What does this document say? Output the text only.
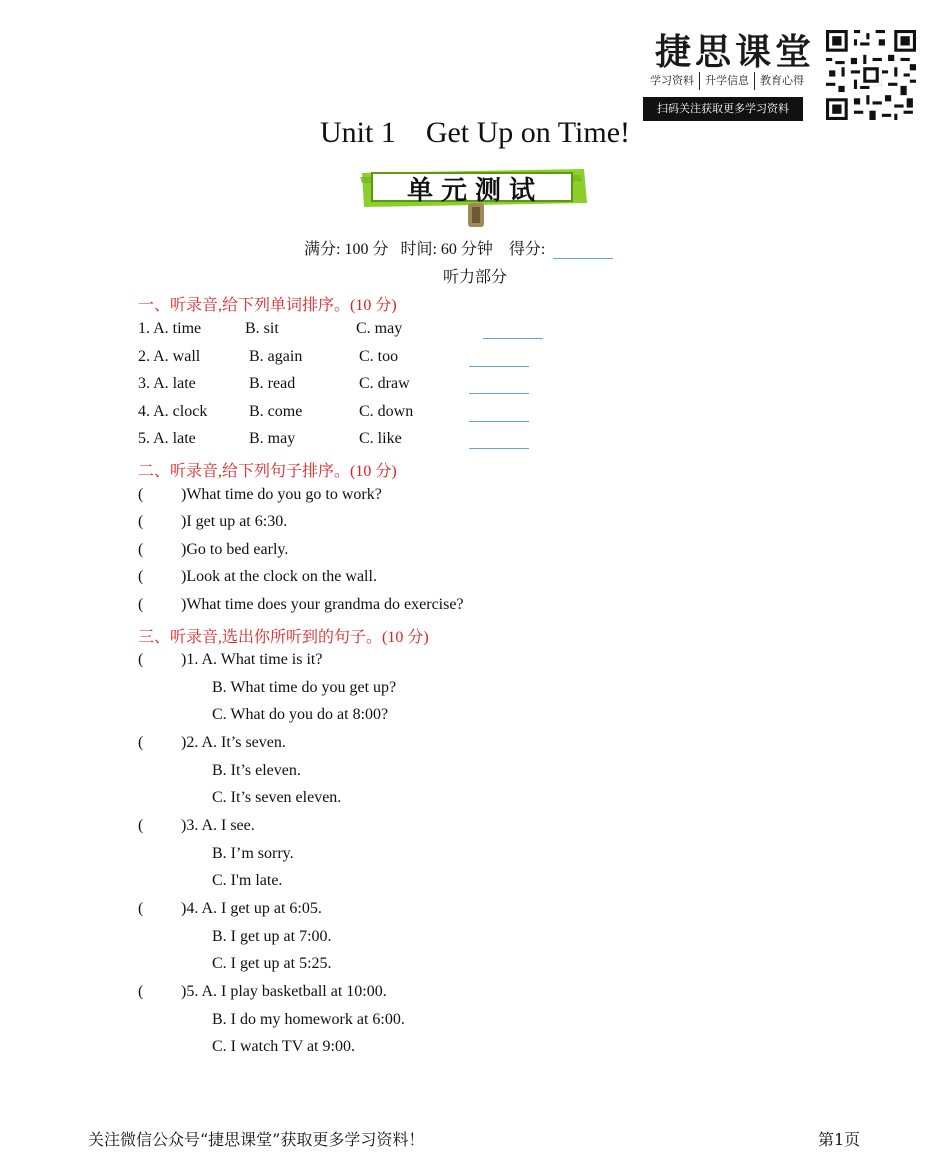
捷思课堂
学习资料	升学信息	教育心得
扫码关注获取更多学习资料
Unit 1    Get Up on Time!
单元测试
满分: 100 分 时间: 60 分钟 得分:
听力部分
一、听录音,给下列单词排序。(10 分)
1. A. time	B. sit	C. may
2. A. wall	B. again	C. too
3. A. late	B. read	C. draw
4. A. clock	B. come	C. down
5. A. late	B. may	C. like
二、听录音,给下列句子排序。(10 分)
( )What time do you go to work?
( )I get up at 6:30.
( )Go to bed early.
( )Look at the clock on the wall.
( )What time does your grandma do exercise?
三、听录音,选出你所听到的句子。(10 分)
( )1. A. What time is it?
B. What time do you get up?
C. What do you do at 8:00?
( )2. A. It’s seven.
B. It’s eleven.
C. It’s seven eleven.
( )3. A. I see.
B. I’m sorry.
C. I'm late.
( )4. A. I get up at 6:05.
B. I get up at 7:00.
C. I get up at 5:25.
( )5. A. I play basketball at 10:00.
B. I do my homework at 6:00.
C. I watch TV at 9:00.
关注微信公众号“捷思课堂”获取更多学习资料！	第1页
